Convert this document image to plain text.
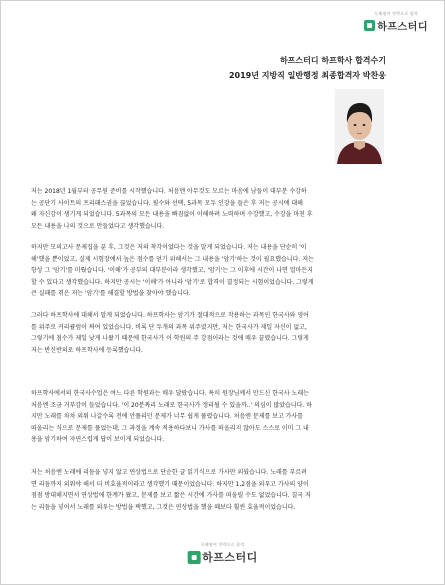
독해영어 전략으로 합격
하프스터디
하프스터디 하프학사 합격수기
2019년 지방직 일반행정 최종합격자 박찬웅
저는 2018년 1월부터 공무원 준비를 시작했습니다. 처음엔 아무것도 모르는 마음에 남들이 대부분 수강하
는 공단기 사이트의 프리패스권을 끊었습니다. 필수와 선택, 5과목 모두 인강을 들은 후 저는 공시에 대해
왜 자신감이 생기게 되었습니다. 5과목의 모든 내용을 빠짐없이 이해하려 노력하며 수강했고, 수강을 마친 후
모든 내용을 나의 것으로 만들었다고 생각했습니다.
하지만 모의고사 문제집을 푼 후, 그것은 저의 착각이었다는 것을 알게 되었습니다. 저는 내용을 단순히 '이
해'했을 뿐이었고, 실제 시험장에서 높은 점수를 얻기 위해서는 그 내용을 '암기'하는 것이 필요했습니다. 저는
항상 그 '암기'를 미뤘습니다. '이해'가 공부의 대부분이라 생각했고, '암기'는 그 이후에 시간이 나면 얼마든지
할 수 있다고 생각했습니다. 하지만 공시는 '이해'가 아니라 '암기'로 합격이 결정되는 시험이었습니다. 그렇게
큰 실패를 겪은 저는 '암기'를 해결할 방법을 찾아야 했습니다.
그러다 하프학사에 대해서 알게 되었습니다. 하프학사는 암기가 절대적으로 작용하는 과목인 한국사와 영어
를 위주로 커리큘럼이 짜여 있었습니다. 비록 단 두개의 과목 위주였지만, 저는 한국사가 제일 자신이 없고,
그렇기에 점수가 제일 낮게 나왔기 때문에 한국사가 이 학원의 주 강점이라는 것에 매우 끌렸습니다. 그렇게
저는 반신반의로 하프학사에 등록했습니다.
하프학사에서의 한국사수업은 여느 다른 학원과는 매우 달랐습니다. 특히 원장님께서 만드신 한국사 노래는
처음엔 조금 거부감이 들었습니다. '이 20분짜리 노래로 한국사가 정리될 수 있을까..' 의심이 많았습니다. 하
지만 노래를 차차 외워 나갈수록 전에 안풀리던 문제가 너무 쉽게 풀렸습니다. 처음엔 문제를 보고 가사를
떠올리는 식으로 문제를 풀었는데, 그 과정을 계속 적용하다보니 가사를 떠올리지 않아도 스스로 이미 그 내
용을 암기하여 자연스럽게 답이 보이게 되었습니다.
저는 처음엔 노래에 리듬을 넣지 않고 연상법으로 단순한 글 읽기식으로 가사만 외웠습니다. 노래를 부르려
면 리듬까지 외워야 해서 더 비효율적이라고 생각했기 때문이었습니다. 하지만 1,2점을 외우고 가사의 양이
점점 방대해지면서 연상법에 한계가 왔고, 문제를 보고 짧은 시간에 가사를 떠올릴 수도 없었습니다. 결국 저
는 리듬을 넣어서 노래를 외우는 방법을 택했고, 그것은 연상법을 했을 때보다 훨씬 효율적이었습니다.
독해영어 전략으로 합격
하프스터디
